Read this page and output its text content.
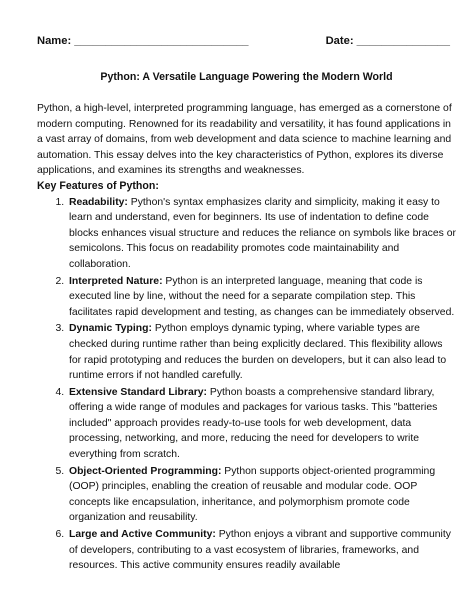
Name: ____________________________	Date: _______________
Python: A Versatile Language Powering the Modern World
Python, a high-level, interpreted programming language, has emerged as a cornerstone of modern computing. Renowned for its readability and versatility, it has found applications in a vast array of domains, from web development and data science to machine learning and automation. This essay delves into the key characteristics of Python, explores its diverse applications, and examines its strengths and weaknesses.
Key Features of Python:
1. Readability: Python's syntax emphasizes clarity and simplicity, making it easy to learn and understand, even for beginners. Its use of indentation to define code blocks enhances visual structure and reduces the reliance on symbols like braces or semicolons. This focus on readability promotes code maintainability and collaboration.
2. Interpreted Nature: Python is an interpreted language, meaning that code is executed line by line, without the need for a separate compilation step. This facilitates rapid development and testing, as changes can be immediately observed.
3. Dynamic Typing: Python employs dynamic typing, where variable types are checked during runtime rather than being explicitly declared. This flexibility allows for rapid prototyping and reduces the burden on developers, but it can also lead to runtime errors if not handled carefully.
4. Extensive Standard Library: Python boasts a comprehensive standard library, offering a wide range of modules and packages for various tasks. This "batteries included" approach provides ready-to-use tools for web development, data processing, networking, and more, reducing the need for developers to write everything from scratch.
5. Object-Oriented Programming: Python supports object-oriented programming (OOP) principles, enabling the creation of reusable and modular code. OOP concepts like encapsulation, inheritance, and polymorphism promote code organization and reusability.
6. Large and Active Community: Python enjoys a vibrant and supportive community of developers, contributing to a vast ecosystem of libraries, frameworks, and resources. This active community ensures readily available
